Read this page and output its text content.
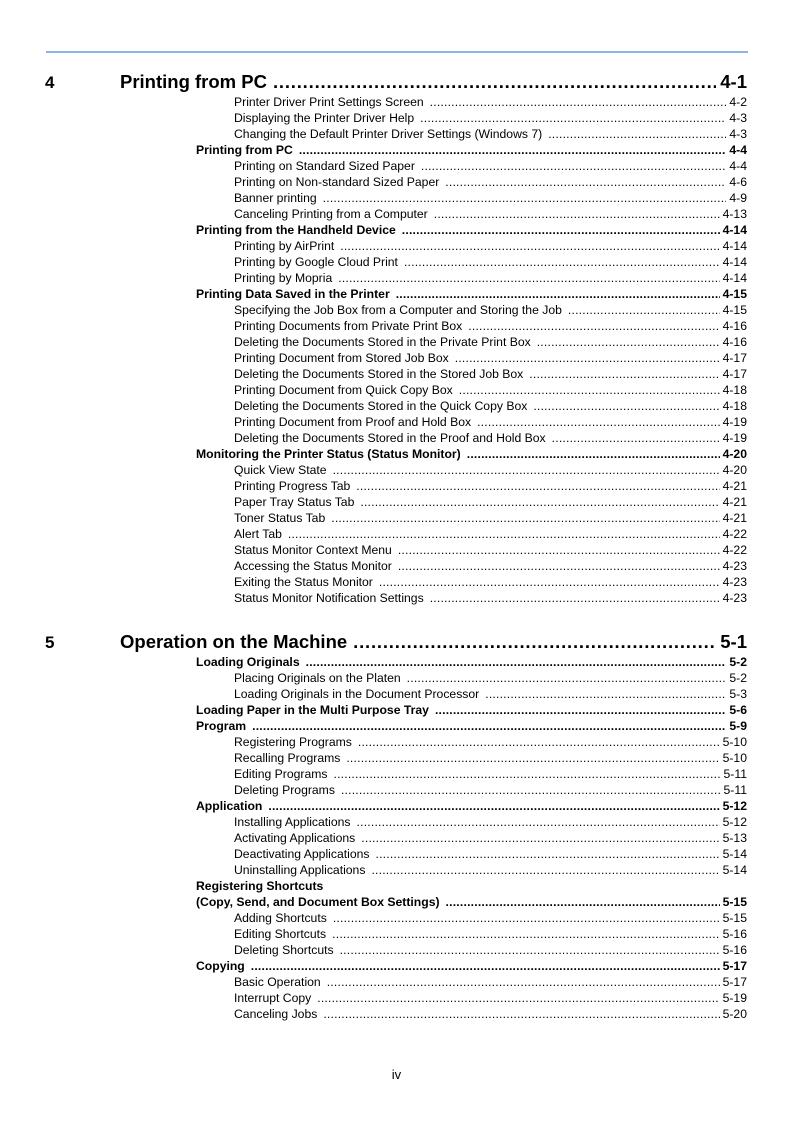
4	Printing from PC .....	4-1
Printer Driver Print Settings Screen .....	4-2
Displaying the Printer Driver Help .....	4-3
Changing the Default Printer Driver Settings (Windows 7) .....	4-3
Printing from PC .....	4-4
Printing on Standard Sized Paper .....	4-4
Printing on Non-standard Sized Paper .....	4-6
Banner printing .....	4-9
Canceling Printing from a Computer .....	4-13
Printing from the Handheld Device .....	4-14
Printing by AirPrint .....	4-14
Printing by Google Cloud Print .....	4-14
Printing by Mopria .....	4-14
Printing Data Saved in the Printer .....	4-15
Specifying the Job Box from a Computer and Storing the Job .....	4-15
Printing Documents from Private Print Box .....	4-16
Deleting the Documents Stored in the Private Print Box .....	4-16
Printing Document from Stored Job Box .....	4-17
Deleting the Documents Stored in the Stored Job Box .....	4-17
Printing Document from Quick Copy Box .....	4-18
Deleting the Documents Stored in the Quick Copy Box .....	4-18
Printing Document from Proof and Hold Box .....	4-19
Deleting the Documents Stored in the Proof and Hold Box .....	4-19
Monitoring the Printer Status (Status Monitor) .....	4-20
Quick View State .....	4-20
Printing Progress Tab .....	4-21
Paper Tray Status Tab .....	4-21
Toner Status Tab .....	4-21
Alert Tab .....	4-22
Status Monitor Context Menu .....	4-22
Accessing the Status Monitor .....	4-23
Exiting the Status Monitor .....	4-23
Status Monitor Notification Settings .....	4-23
5	Operation on the Machine .....	5-1
Loading Originals .....	5-2
Placing Originals on the Platen .....	5-2
Loading Originals in the Document Processor .....	5-3
Loading Paper in the Multi Purpose Tray .....	5-6
Program .....	5-9
Registering Programs .....	5-10
Recalling Programs .....	5-10
Editing Programs .....	5-11
Deleting Programs .....	5-11
Application .....	5-12
Installing Applications .....	5-12
Activating Applications .....	5-13
Deactivating Applications .....	5-14
Uninstalling Applications .....	5-14
Registering Shortcuts
(Copy, Send, and Document Box Settings) .....	5-15
Adding Shortcuts .....	5-15
Editing Shortcuts .....	5-16
Deleting Shortcuts .....	5-16
Copying .....	5-17
Basic Operation .....	5-17
Interrupt Copy .....	5-19
Canceling Jobs .....	5-20
iv
